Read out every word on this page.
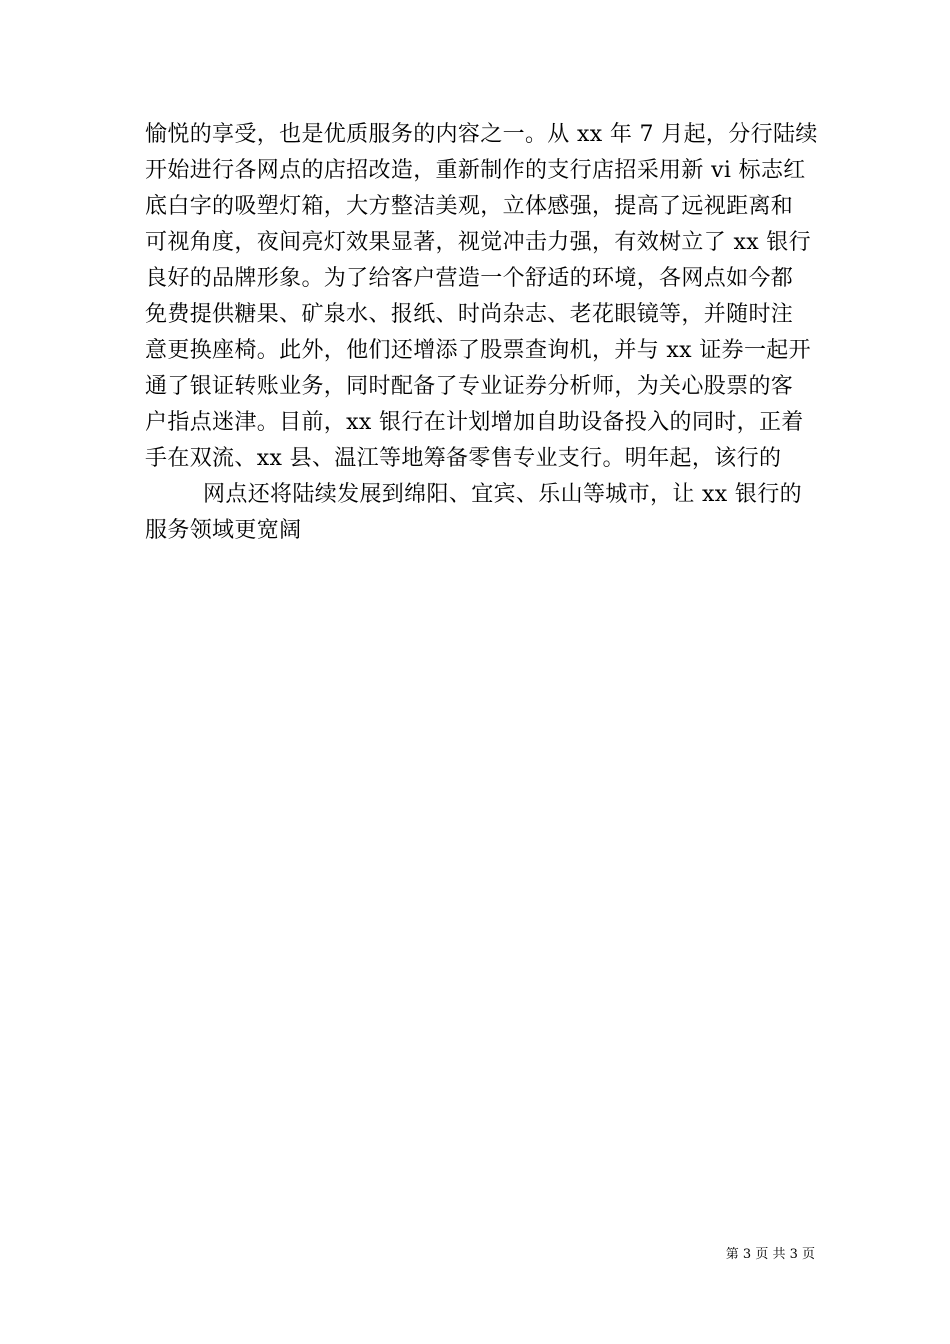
愉悦的享受，也是优质服务的内容之一。从 xx 年 7 月起，分行陆续
开始进行各网点的店招改造，重新制作的支行店招采用新 vi 标志红
底白字的吸塑灯箱，大方整洁美观，立体感强，提高了远视距离和
可视角度，夜间亮灯效果显著，视觉冲击力强，有效树立了 xx 银行
良好的品牌形象。为了给客户营造一个舒适的环境，各网点如今都
免费提供糖果、矿泉水、报纸、时尚杂志、老花眼镜等，并随时注
意更换座椅。此外，他们还增添了股票查询机，并与 xx 证券一起开
通了银证转账业务，同时配备了专业证券分析师，为关心股票的客
户指点迷津。目前，xx 银行在计划增加自助设备投入的同时，正着
手在双流、xx 县、温江等地筹备零售专业支行。明年起，该行的
网点还将陆续发展到绵阳、宜宾、乐山等城市，让 xx 银行的
服务领域更宽阔
第 3 页 共 3 页
